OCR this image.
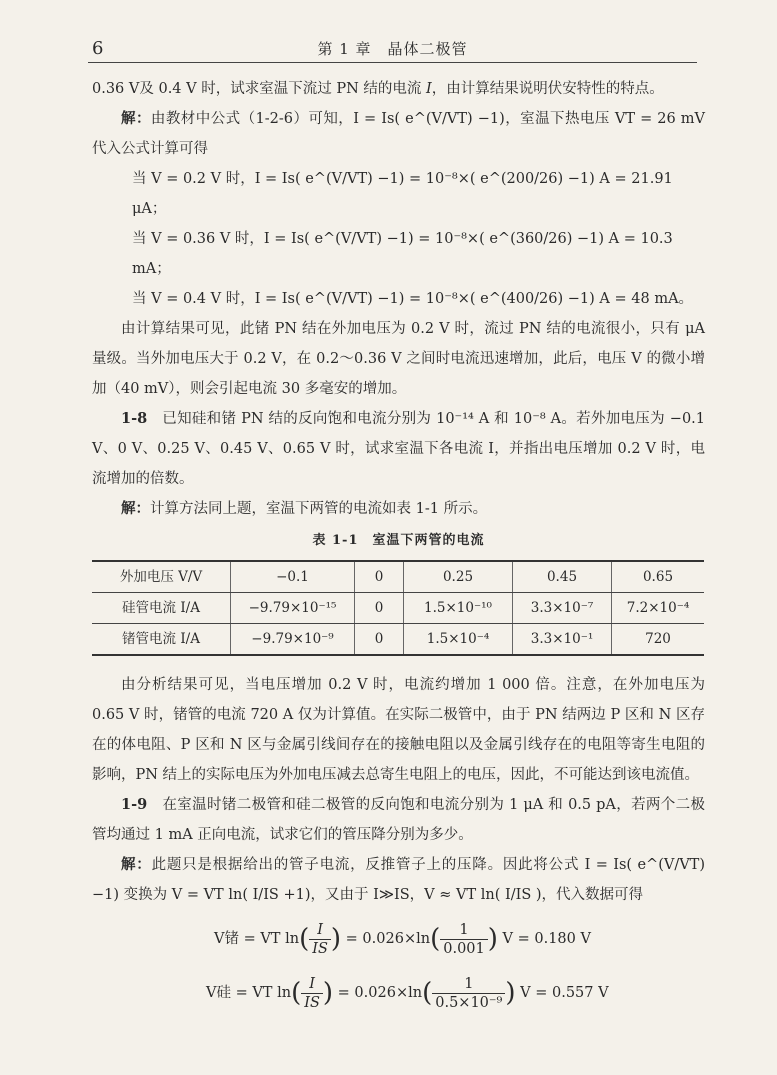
6	第 1 章　晶体二极管

0.36 V及 0.4 V 时，试求室温下流过 PN 结的电流 I，由计算结果说明伏安特性的特点。

解：由教材中公式（1-2-6）可知，I = Is( e^(V/VT) −1)，室温下热电压 VT = 26 mV 代入公式计算可得

当 V = 0.2 V 时，I = Is( e^(V/VT) −1) = 10⁻⁸×( e^(200/26) −1) A = 21.91 μA；

当 V = 0.36 V 时，I = Is( e^(V/VT) −1) = 10⁻⁸×( e^(360/26) −1) A = 10.3 mA；

当 V = 0.4 V 时，I = Is( e^(V/VT) −1) = 10⁻⁸×( e^(400/26) −1) A = 48 mA。

由计算结果可见，此锗 PN 结在外加电压为 0.2 V 时，流过 PN 结的电流很小，只有 μA 量级。当外加电压大于 0.2 V，在 0.2～0.36 V 之间时电流迅速增加，此后，电压 V 的微小增加（40 mV），则会引起电流 30 多毫安的增加。

1-8　 已知硅和锗 PN 结的反向饱和电流分别为 10⁻¹⁴ A 和 10⁻⁸ A。若外加电压为 −0.1 V、0 V、0.25 V、0.45 V、0.65 V 时，试求室温下各电流 I，并指出电压增加 0.2 V 时，电流增加的倍数。

解：计算方法同上题，室温下两管的电流如表 1-1 所示。

表 1-1　室温下两管的电流
外加电压 V/V	−0.1	0	0.25	0.45	0.65
硅管电流 I/A	−9.79×10⁻¹⁵	0	1.5×10⁻¹⁰	3.3×10⁻⁷	7.2×10⁻⁴
锗管电流 I/A	−9.79×10⁻⁹	0	1.5×10⁻⁴	3.3×10⁻¹	720

由分析结果可见，当电压增加 0.2 V 时，电流约增加 1 000 倍。注意，在外加电压为 0.65 V 时，锗管的电流 720 A 仅为计算值。在实际二极管中，由于 PN 结两边 P 区和 N 区存在的体电阻、P 区和 N 区与金属引线间存在的接触电阻以及金属引线存在的电阻等寄生电阻的影响，PN 结上的实际电压为外加电压减去总寄生电阻上的电压，因此，不可能达到该电流值。

1-9　 在室温时锗二极管和硅二极管的反向饱和电流分别为 1 μA 和 0.5 pA，若两个二极管均通过 1 mA 正向电流，试求它们的管压降分别为多少。

解：此题只是根据给出的管子电流，反推管子上的压降。因此将公式 I = Is( e^(V/VT) −1) 变换为 V = VT ln( I/IS +1)，又由于 I≫IS，V ≈ VT ln( I/IS )，代入数据可得

V锗 = VT $\ln( \frac{I}{IS}$ ) = $0.026\times\ln( \frac{1}{0.001}$ ) V = 0.180 V
V硅 = VT $\ln( \frac{I}{IS}$ ) = $0.026\times\ln( \frac{1}{\text{0.5×10⁻⁹}}$ ) V = 0.557 V
